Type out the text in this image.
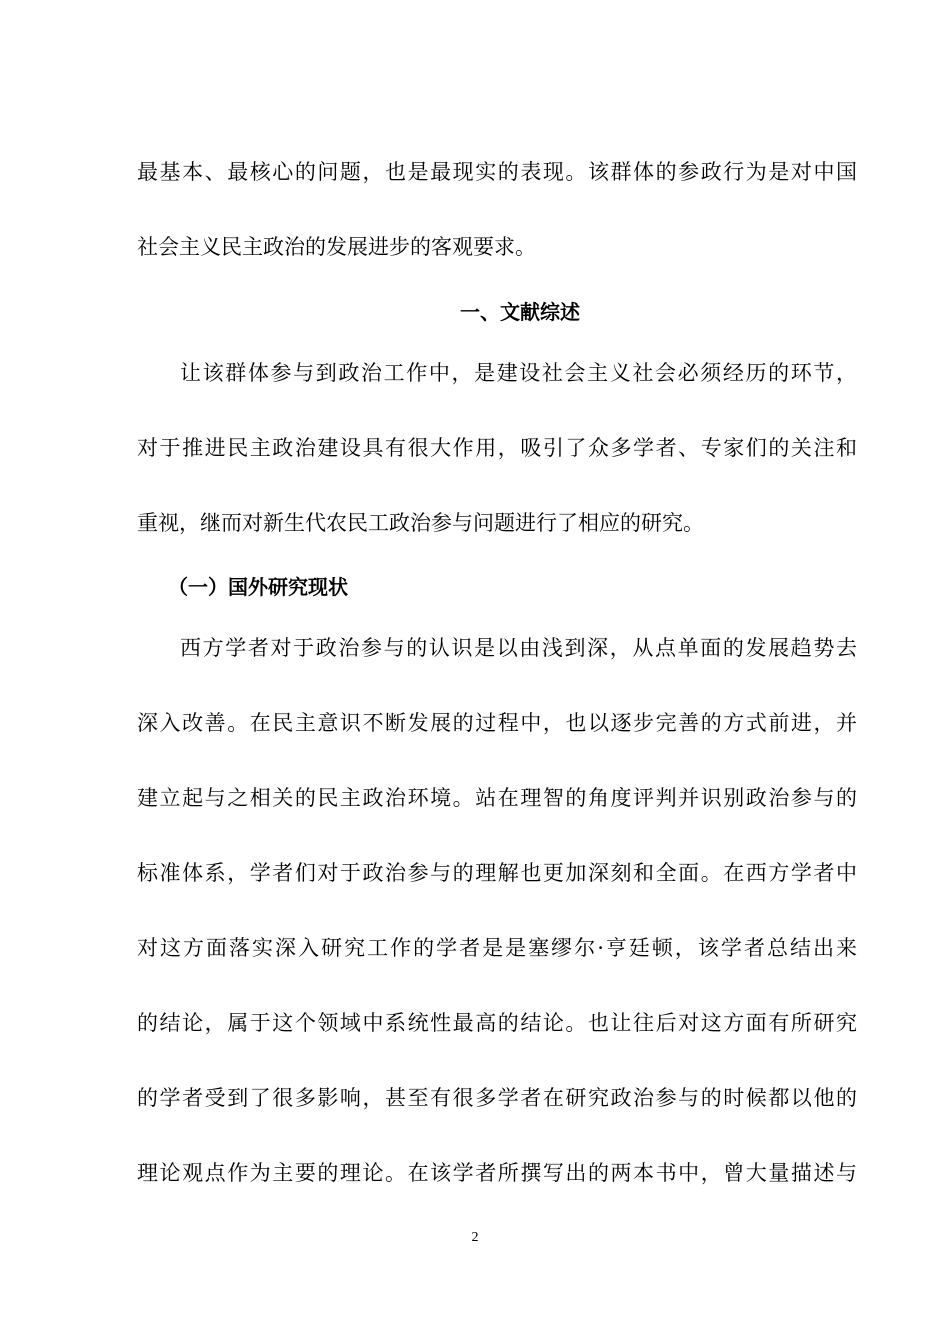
最基本、最核心的问题，也是最现实的表现。该群体的参政行为是对中国
社会主义民主政治的发展进步的客观要求。
一、文献综述
让该群体参与到政治工作中，是建设社会主义社会必须经历的环节，
对于推进民主政治建设具有很大作用，吸引了众多学者、专家们的关注和
重视，继而对新生代农民工政治参与问题进行了相应的研究。
（一）国外研究现状
西方学者对于政治参与的认识是以由浅到深，从点单面的发展趋势去
深入改善。在民主意识不断发展的过程中，也以逐步完善的方式前进，并
建立起与之相关的民主政治环境。站在理智的角度评判并识别政治参与的
标准体系，学者们对于政治参与的理解也更加深刻和全面。在西方学者中
对这方面落实深入研究工作的学者是是塞缪尔·亨廷顿，该学者总结出来
的结论，属于这个领域中系统性最高的结论。也让往后对这方面有所研究
的学者受到了很多影响，甚至有很多学者在研究政治参与的时候都以他的
理论观点作为主要的理论。在该学者所撰写出的两本书中，曾大量描述与
2
